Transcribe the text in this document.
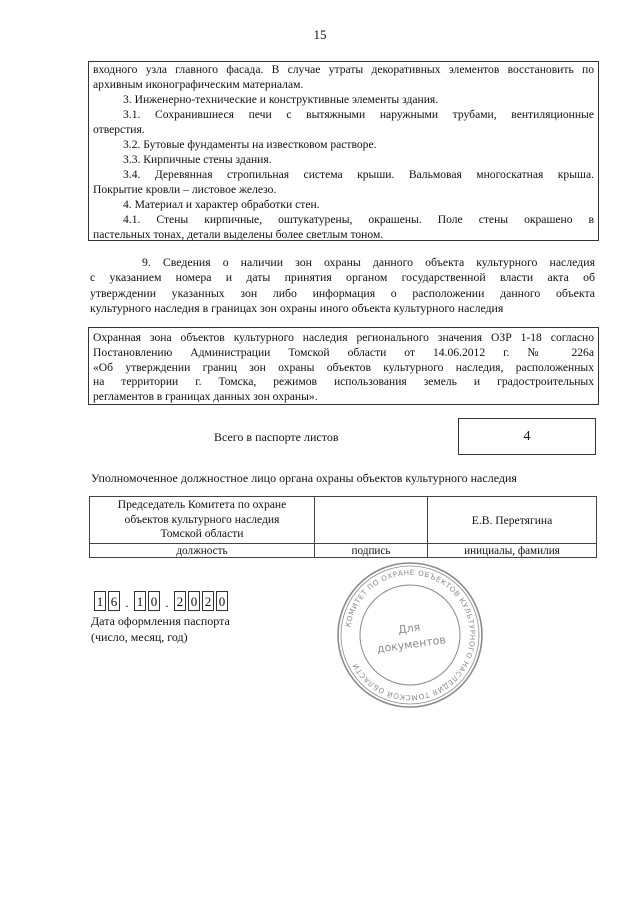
15
входного узла главного фасада. В случае утраты декоративных элементов восстановить по
архивным иконографическим материалам.
3. Инженерно-технические и конструктивные элементы здания.
3.1. Сохранившиеся печи с вытяжными наружными трубами, вентиляционные
отверстия.
3.2. Бутовые фундаменты на известковом растворе.
3.3. Кирпичные стены здания.
3.4. Деревянная стропильная система крыши. Вальмовая многоскатная крыша.
Покрытие кровли – листовое железо.
4. Материал и характер обработки стен.
4.1. Стены кирпичные, оштукатурены, окрашены. Поле стены окрашено в
пастельных тонах, детали выделены более светлым тоном.
9. Сведения о наличии зон охраны данного объекта культурного наследия
с указанием номера и даты принятия органом государственной власти акта об
утверждении указанных зон либо информация о расположении данного объекта
культурного наследия в границах зон охраны иного объекта культурного наследия
Охранная зона объектов культурного наследия регионального значения ОЗР 1-18 согласно
Постановлению Администрации Томской области от 14.06.2012 г. № 226а
«Об утверждении границ зон охраны объектов культурного наследия, расположенных
на территории г. Томска, режимов использования земель и градостроительных
регламентов в границах данных зон охраны».
Всего в паспорте листов	4
Уполномоченное должностное лицо органа охраны объектов культурного наследия
Председатель Комитета по охране
объектов культурного наследия
Томской области		Е.В. Перетягина
должность	подпись	инициалы, фамилия
1 6 . 1 0 . 2 0 2 0
Дата оформления паспорта
(число, месяц, год)
КОМИТЕТ ПО ОХРАНЕ ОБЪЕКТОВ КУЛЬТУРНОГО НАСЛЕДИЯ ТОМСКОЙ ОБЛАСТИ
Для
документов
